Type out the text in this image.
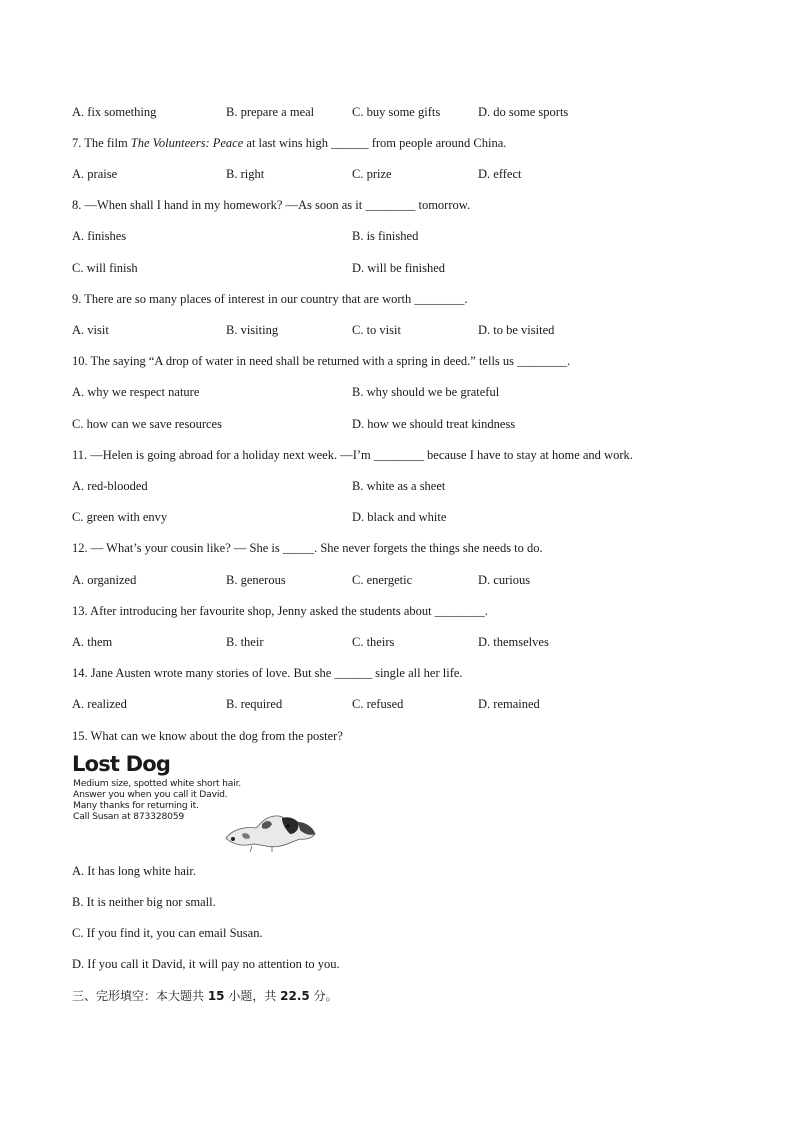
A. fix something	B. prepare a meal	C. buy some gifts	D. do some sports
7. The film The Volunteers: Peace at last wins high ______ from people around China.
A. praise	B. right	C. prize	D. effect
8. —When shall I hand in my homework? —As soon as it ________ tomorrow.
A. finishes	B. is finished
C. will finish	D. will be finished
9. There are so many places of interest in our country that are worth ________.
A. visit	B. visiting	C. to visit	D. to be visited
10. The saying “A drop of water in need shall be returned with a spring in deed.” tells us ________.
A. why we respect nature	B. why should we be grateful
C. how can we save resources	D. how we should treat kindness
11. —Helen is going abroad for a holiday next week. —I’m ________ because I have to stay at home and work.
A. red-blooded	B. white as a sheet
C. green with envy	D. black and white
12. — What’s your cousin like? — She is _____. She never forgets the things she needs to do.
A. organized	B. generous	C. energetic	D. curious
13. After introducing her favourite shop, Jenny asked the students about ________.
A. them	B. their	C. theirs	D. themselves
14. Jane Austen wrote many stories of love. But she ______ single all her life.
A. realized	B. required	C. refused	D. remained
15. What can we know about the dog from the poster?
Lost Dog
Medium size, spotted white short hair.
Answer you when you call it David.
Many thanks for returning it.
Call Susan at 873328059
A. It has long white hair.
B. It is neither big nor small.
C. If you find it, you can email Susan.
D. If you call it David, it will pay no attention to you.
三、完形填空：本大题共 15 小题，共 22.5 分。
